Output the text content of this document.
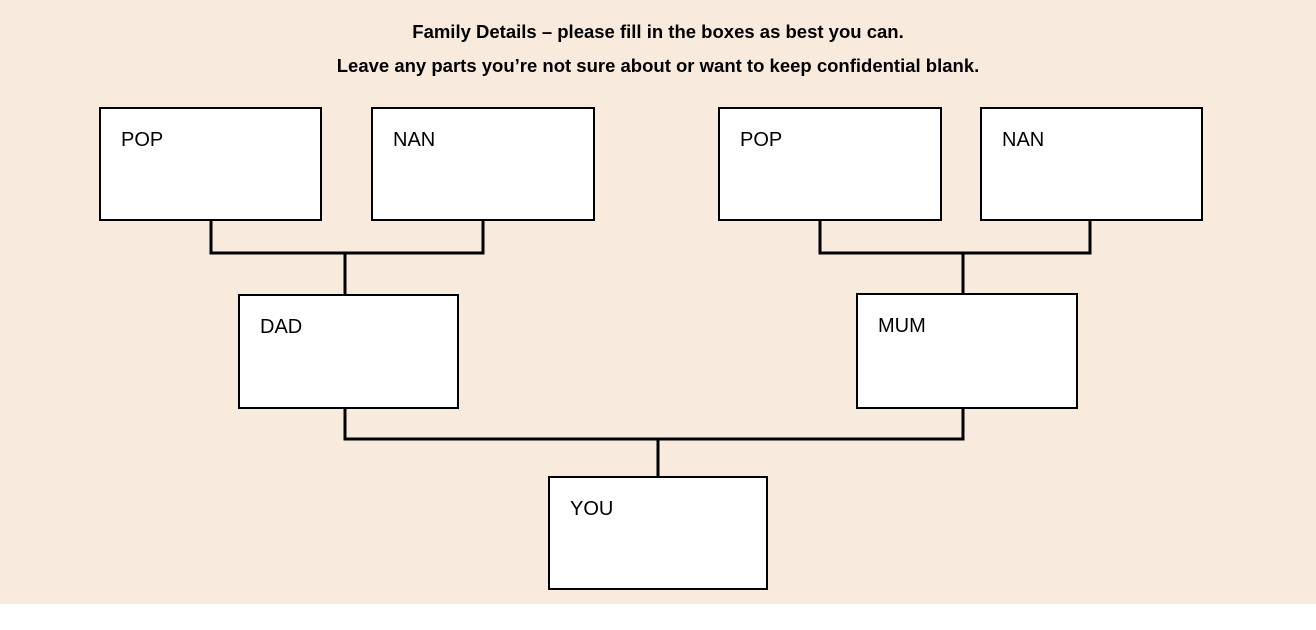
Family Details – please fill in the boxes as best you can.
Leave any parts you’re not sure about or want to keep confidential blank.
POP	NAN	POP	NAN
DAD	MUM
YOU
